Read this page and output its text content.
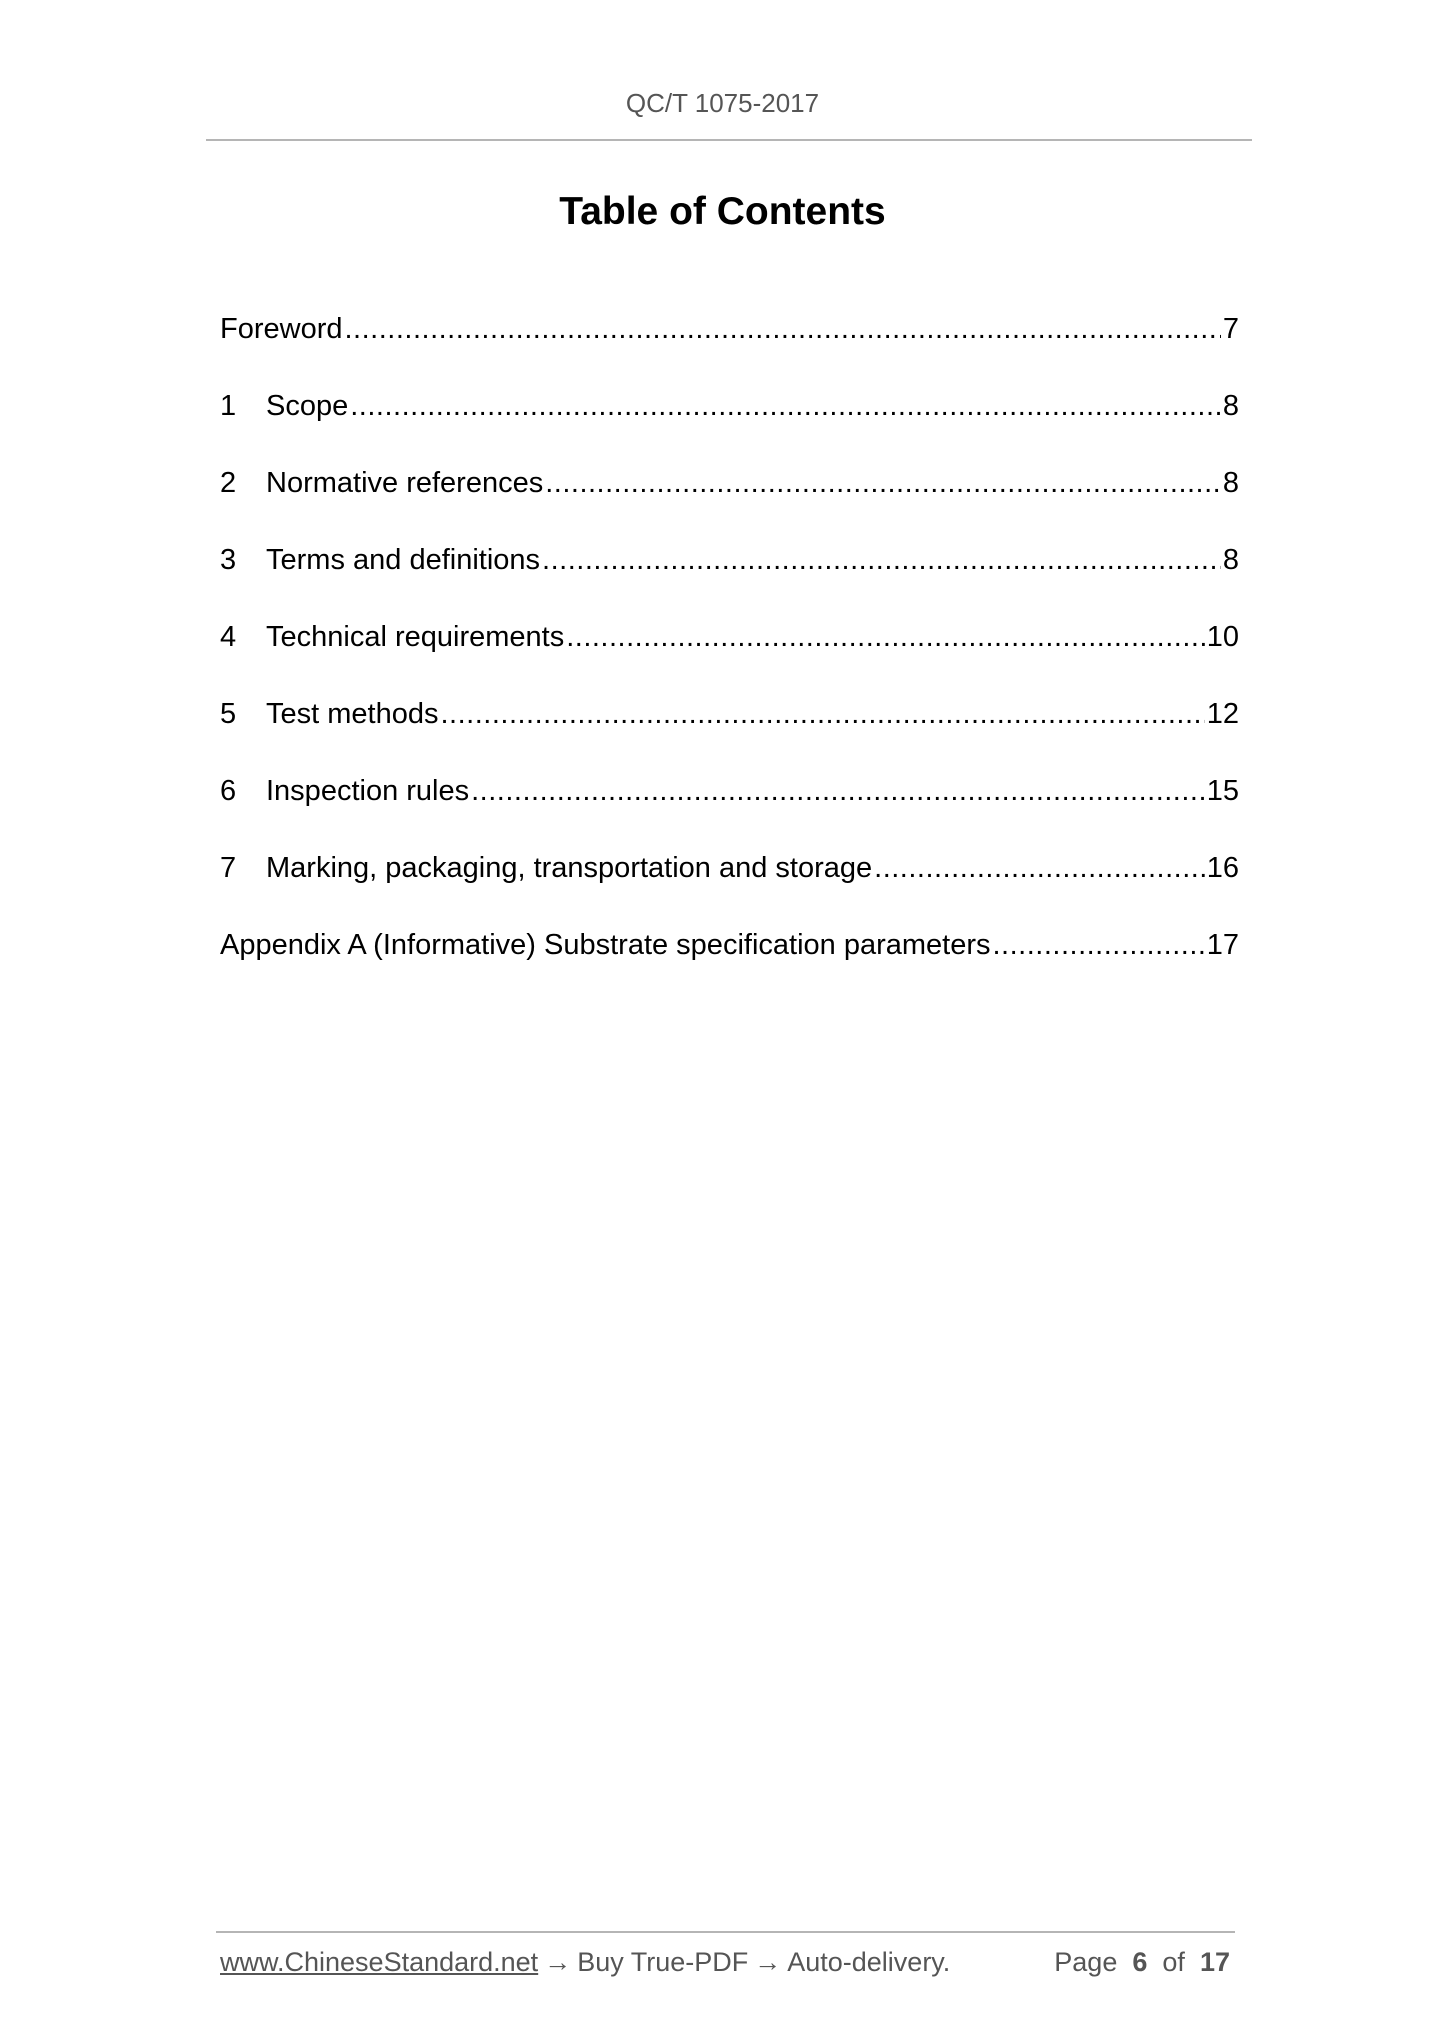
QC/T 1075-2017
Table of Contents
Foreword .....	7
1	Scope .....	8
2	Normative references .....	8
3	Terms and definitions .....	8
4	Technical requirements .....	10
5	Test methods .....	12
6	Inspection rules .....	15
7	Marking, packaging, transportation and storage .....	16
Appendix A (Informative) Substrate specification parameters .....	17
www.ChineseStandard.net → Buy True-PDF → Auto-delivery.	Page 6 of 17
